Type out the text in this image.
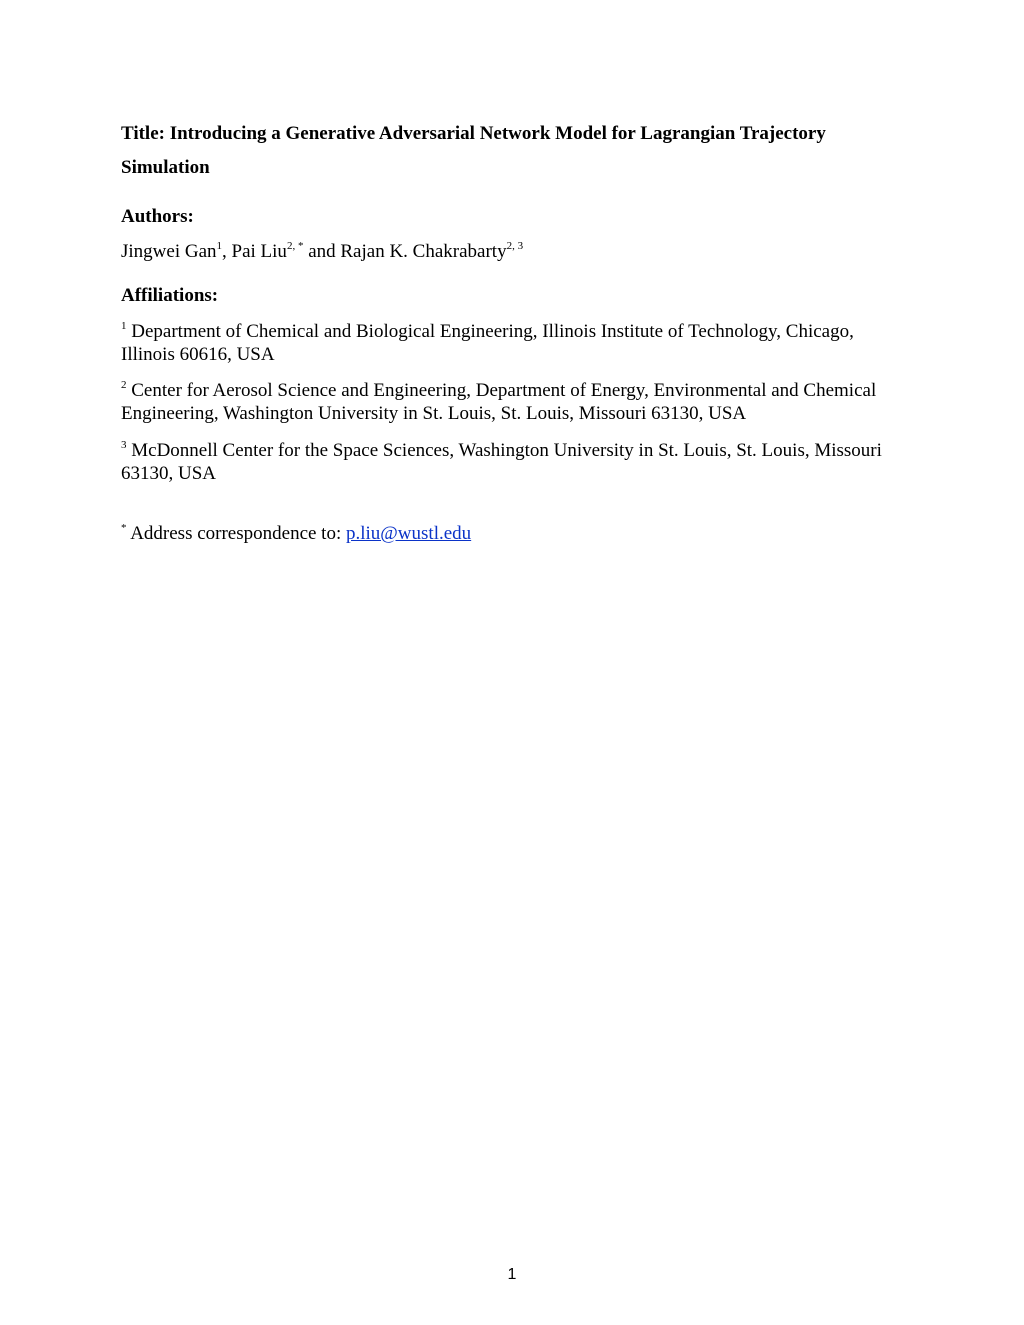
Title: Introducing a Generative Adversarial Network Model for Lagrangian Trajectory Simulation
Authors:
Jingwei Gan$^1$, Pai Liu$^{2, *}$ and Rajan K. Chakrabarty$^{2, 3}$
Affiliations:
$^1$ Department of Chemical and Biological Engineering, Illinois Institute of Technology, Chicago, Illinois 60616, USA
$^2$ Center for Aerosol Science and Engineering, Department of Energy, Environmental and Chemical Engineering, Washington University in St. Louis, St. Louis, Missouri 63130, USA
$^3$ McDonnell Center for the Space Sciences, Washington University in St. Louis, St. Louis, Missouri 63130, USA
* Address correspondence to: p.liu@wustl.edu
1
